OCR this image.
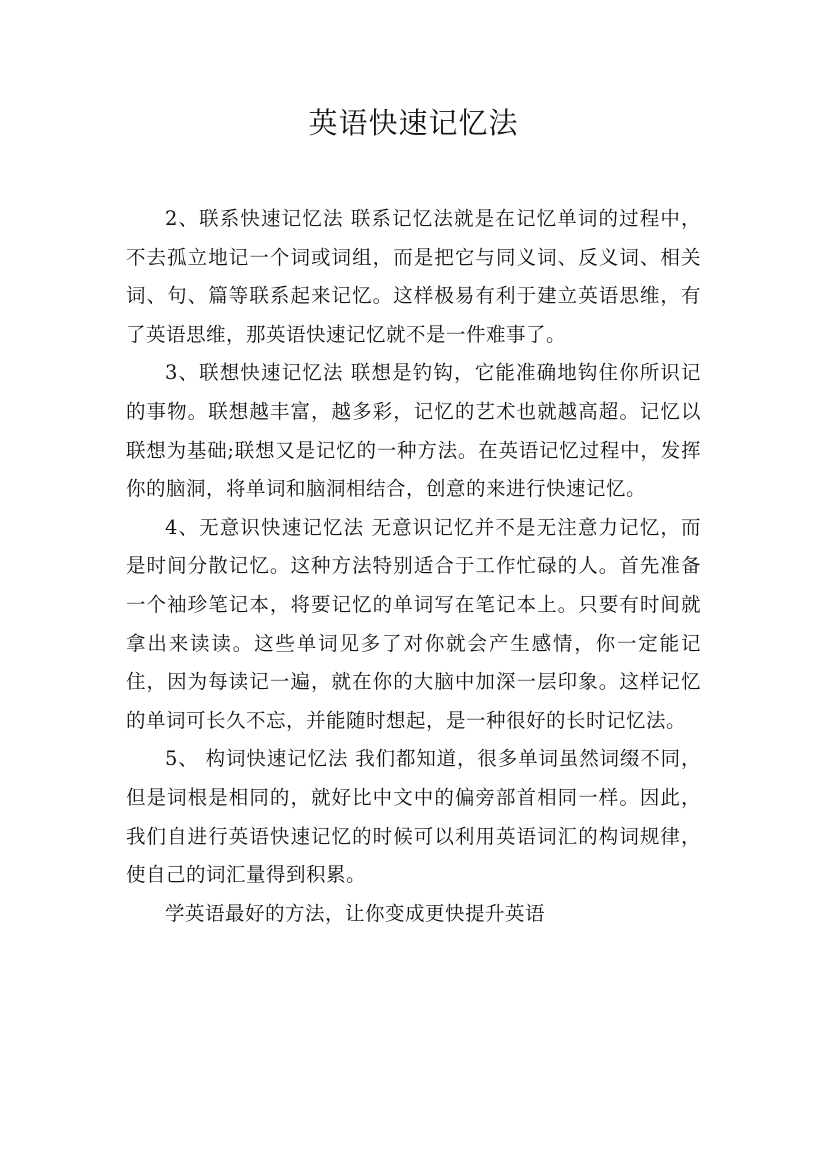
英语快速记忆法

2、联系快速记忆法 联系记忆法就是在记忆单词的过程中，不去孤立地记一个词或词组，而是把它与同义词、反义词、相关词、句、篇等联系起来记忆。这样极易有利于建立英语思维，有了英语思维，那英语快速记忆就不是一件难事了。

3、联想快速记忆法 联想是钓钩，它能准确地钩住你所识记的事物。联想越丰富，越多彩，记忆的艺术也就越高超。记忆以联想为基础;联想又是记忆的一种方法。在英语记忆过程中，发挥你的脑洞，将单词和脑洞相结合，创意的来进行快速记忆。

4、无意识快速记忆法 无意识记忆并不是无注意力记忆，而是时间分散记忆。这种方法特别适合于工作忙碌的人。首先准备一个袖珍笔记本，将要记忆的单词写在笔记本上。只要有时间就拿出来读读。这些单词见多了对你就会产生感情，你一定能记住，因为每读记一遍，就在你的大脑中加深一层印象。这样记忆的单词可长久不忘，并能随时想起，是一种很好的长时记忆法。

5、 构词快速记忆法 我们都知道，很多单词虽然词缀不同，但是词根是相同的，就好比中文中的偏旁部首相同一样。因此，我们自进行英语快速记忆的时候可以利用英语词汇的构词规律，使自己的词汇量得到积累。

学英语最好的方法，让你变成更快提升英语
